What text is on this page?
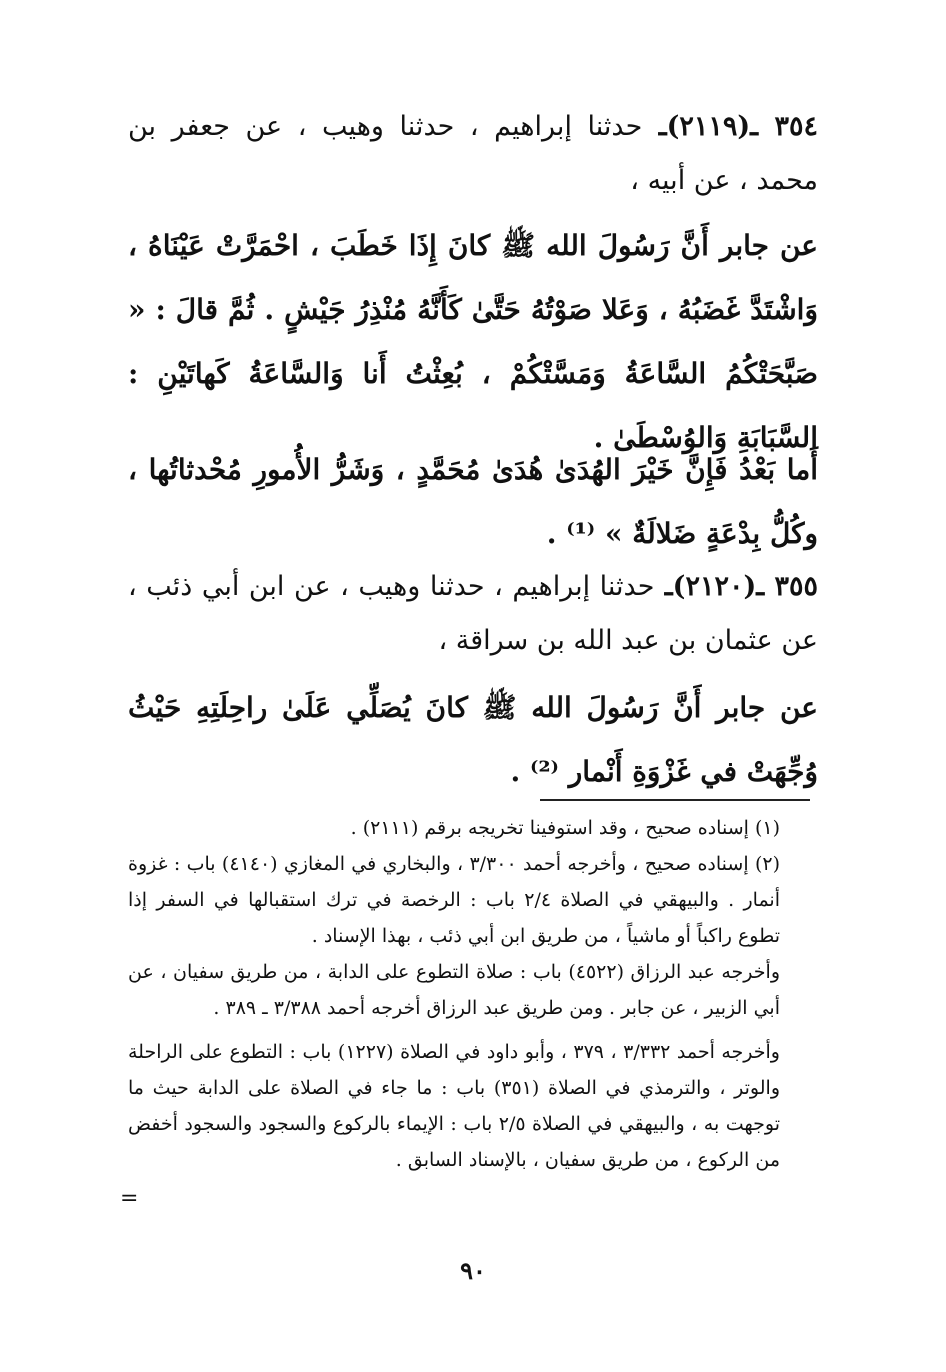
٣٥٤ ـ(٢١١٩)ـ حدثنا إبراهيم ، حدثنا وهيب ، عن جعفر بن محمد ، عن أبيه ،
عن جابر أَنَّ رَسُولَ الله ﷺ كانَ إِذَا خَطَبَ ، احْمَرَّتْ عَيْنَاهُ ، وَاشْتَدَّ غَضَبُهُ ، وَعَلا صَوْتُهُ حَتَّىٰ كَأَنَّهُ مُنْذِرُ جَيْشٍ . ثُمَّ قالَ : « صَبَّحَتْكُمُ السَّاعَةُ وَمَسَّتْكُمْ ، بُعِثْتُ أَنا وَالسَّاعَةُ كَهاتَيْنِ : السَّبَابَةِ وَالوُسْطَىٰ .
أَما بَعْدُ فَإِنَّ خَيْرَ الهُدَىٰ هُدَىٰ مُحَمَّدٍ ، وَشَرُّ الأُمورِ مُحْدثاتُها ، وكُلُّ بِدْعَةٍ ضَلالَةٌ » ⁽¹⁾ .
٣٥٥ ـ(٢١٢٠)ـ حدثنا إبراهيم ، حدثنا وهيب ، عن ابن أبي ذئب ، عن عثمان بن عبد الله بن سراقة ،
عن جابر أَنَّ رَسُولَ الله ﷺ كانَ يُصَلِّي عَلَىٰ راحِلَتِهِ حَيْثُ وُجِّهَتْ في غَزْوَةِ أَنْمار ⁽²⁾ .

(١) إسناده صحيح ، وقد استوفينا تخريجه برقم (٢١١١) .

(٢) إسناده صحيح ، وأخرجه أحمد ٣/٣٠٠ ، والبخاري في المغازي (٤١٤٠) باب : غزوة أنمار . والبيهقي في الصلاة ٢/٤ باب : الرخصة في ترك استقبالها في السفر إذا تطوع راكباً أو ماشياً ، من طريق ابن أبي ذئب ، بهذا الإسناد .

وأخرجه عبد الرزاق (٤٥٢٢) باب : صلاة التطوع على الدابة ، من طريق سفيان ، عن أبي الزبير ، عن جابر . ومن طريق عبد الرزاق أخرجه أحمد ٣/٣٨٨ ـ ٣٨٩ .

وأخرجه أحمد ٣/٣٣٢ ، ٣٧٩ ، وأبو داود في الصلاة (١٢٢٧) باب : التطوع على الراحلة والوتر ، والترمذي في الصلاة (٣٥١) باب : ما جاء في الصلاة على الدابة حيث ما توجهت به ، والبيهقي في الصلاة ٢/٥ باب : الإيماء بالركوع والسجود والسجود أخفض من الركوع ، من طريق سفيان ، بالإسناد السابق .

=
٩٠
